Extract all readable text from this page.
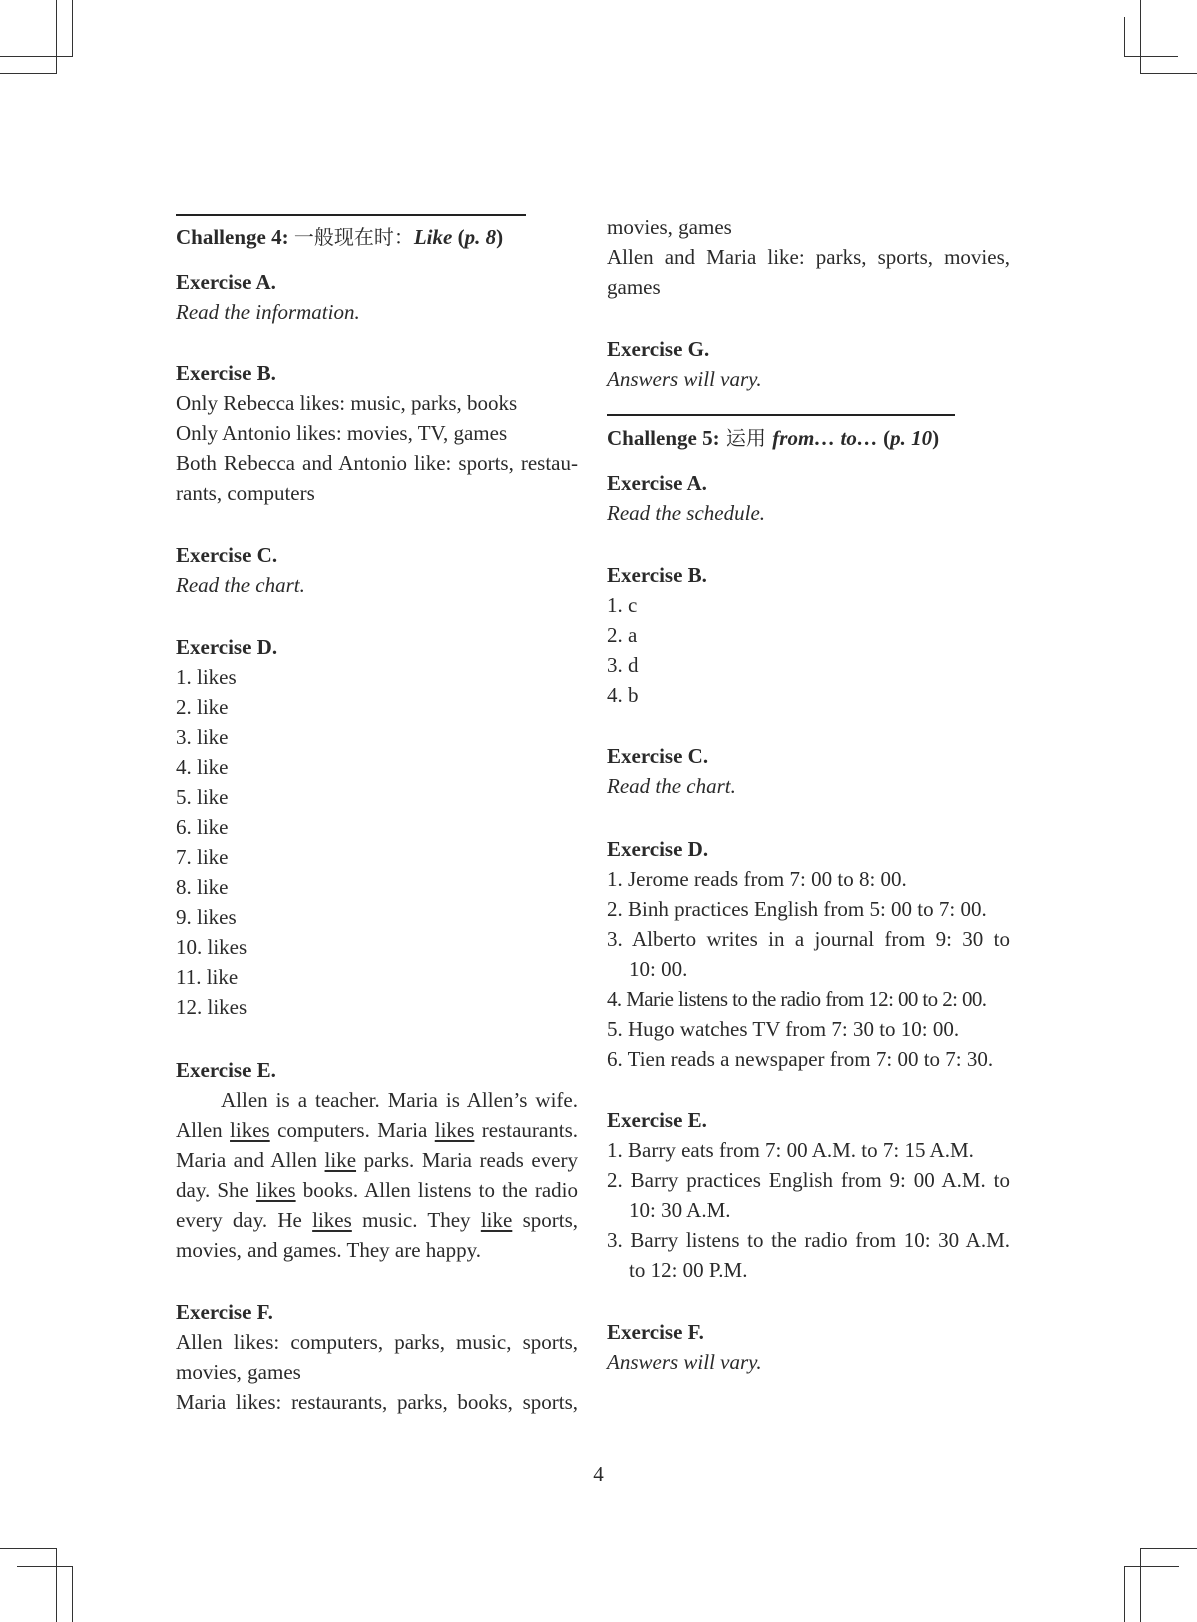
Challenge 4: 一般现在时：Like (p. 8)
Exercise A.
Read the information.
Exercise B.
Only Rebecca likes: music, parks, books
Only Antonio likes: movies, TV, games
Both Rebecca and Antonio like: sports, restau-
rants, computers
Exercise C.
Read the chart.
Exercise D.
1. likes
2. like
3. like
4. like
5. like
6. like
7. like
8. like
9. likes
10. likes
11. like
12. likes
Exercise E.
Allen is a teacher. Maria is Allen’s wife.
Allen likes computers. Maria likes restaurants.
Maria and Allen like parks. Maria reads every
day. She likes books. Allen listens to the radio
every day. He likes music. They like sports,
movies, and games. They are happy.
Exercise F.
Allen likes: computers, parks, music, sports,
movies, games
Maria likes: restaurants, parks, books, sports,
movies, games
Allen and Maria like: parks, sports, movies,
games
Exercise G.
Answers will vary.
Challenge 5: 运用 from… to… (p. 10)
Exercise A.
Read the schedule.
Exercise B.
1. c
2. a
3. d
4. b
Exercise C.
Read the chart.
Exercise D.
1. Jerome reads from 7: 00 to 8: 00.
2. Binh practices English from 5: 00 to 7: 00.
3. Alberto writes in a journal from 9: 30 to
10: 00.
4. Marie listens to the radio from 12: 00 to 2: 00.
5. Hugo watches TV from 7: 30 to 10: 00.
6. Tien reads a newspaper from 7: 00 to 7: 30.
Exercise E.
1. Barry eats from 7: 00 A.M. to 7: 15 A.M.
2. Barry practices English from 9: 00 A.M. to
10: 30 A.M.
3. Barry listens to the radio from 10: 30 A.M.
to 12: 00 P.M.
Exercise F.
Answers will vary.
4
